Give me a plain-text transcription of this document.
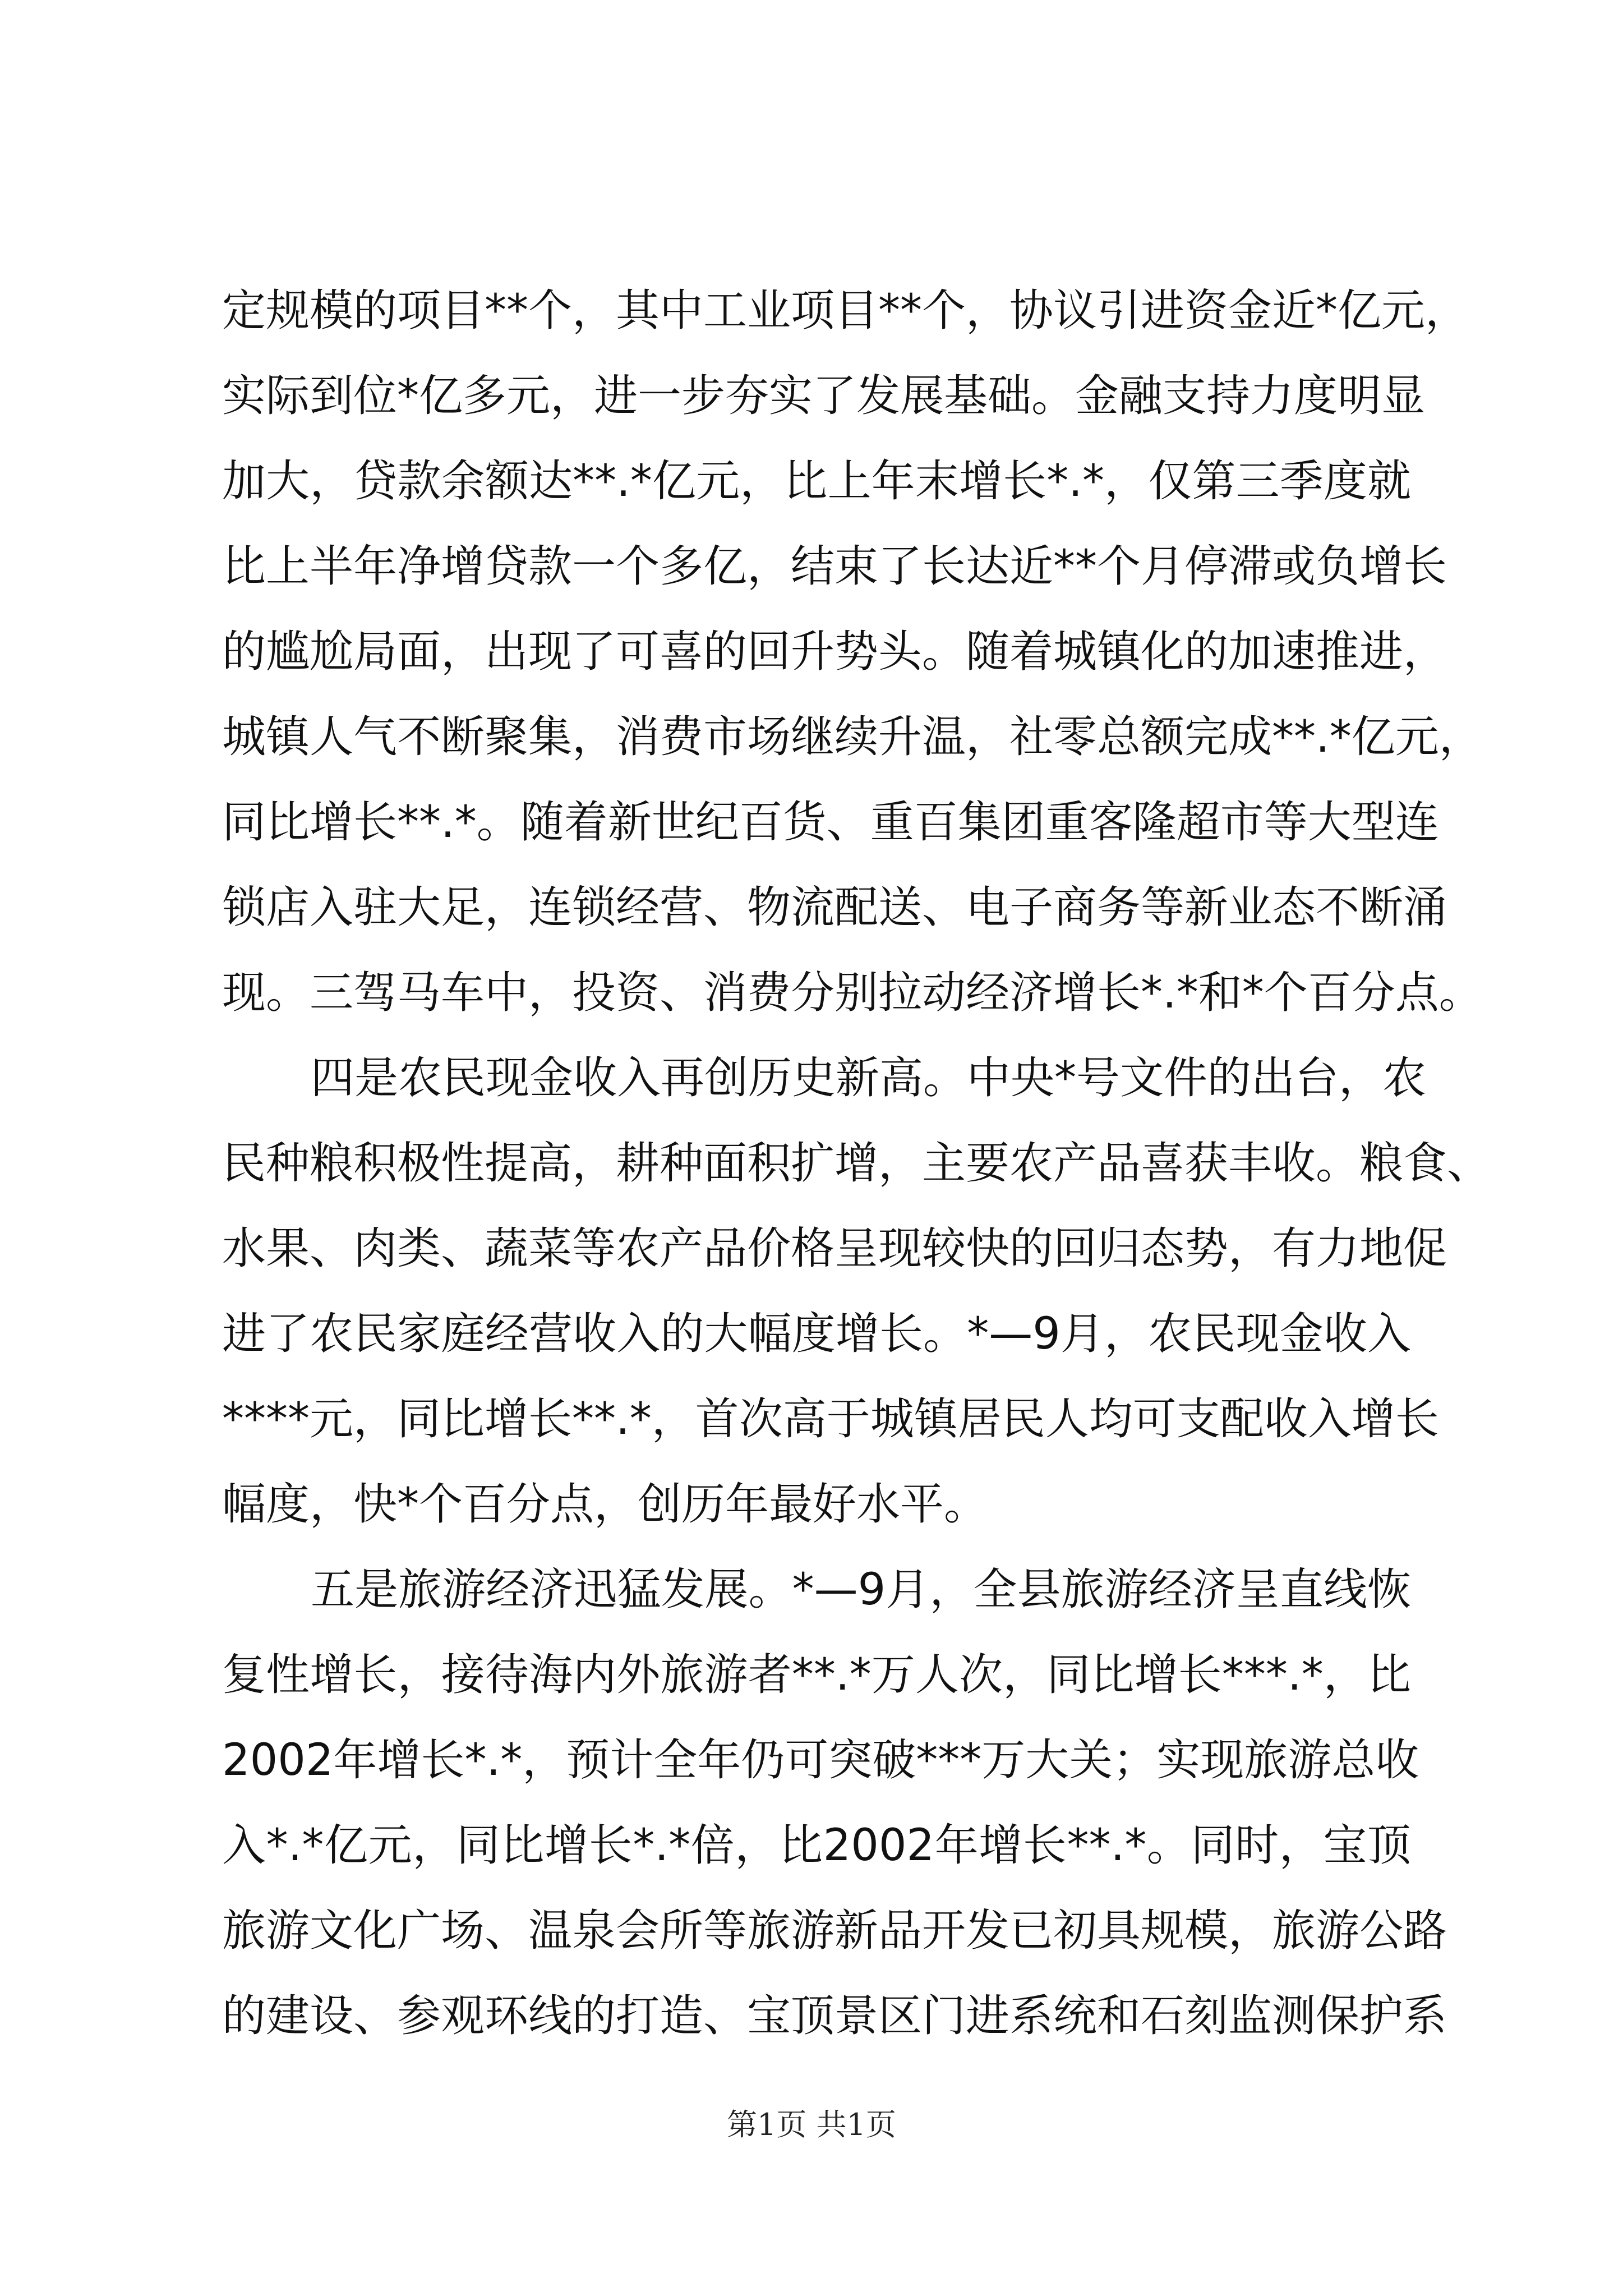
定规模的项目**个，其中工业项目**个，协议引进资金近*亿元，
实际到位*亿多元，进一步夯实了发展基础。金融支持力度明显
加大，贷款余额达**.*亿元，比上年末增长*.*，仅第三季度就
比上半年净增贷款一个多亿，结束了长达近**个月停滞或负增长
的尴尬局面，出现了可喜的回升势头。随着城镇化的加速推进，
城镇人气不断聚集，消费市场继续升温，社零总额完成**.*亿元，
同比增长**.*。随着新世纪百货、重百集团重客隆超市等大型连
锁店入驻大足，连锁经营、物流配送、电子商务等新业态不断涌
现。三驾马车中，投资、消费分别拉动经济增长*.*和*个百分点。
四是农民现金收入再创历史新高。中央*号文件的出台，农
民种粮积极性提高，耕种面积扩增，主要农产品喜获丰收。粮食、
水果、肉类、蔬菜等农产品价格呈现较快的回归态势，有力地促
进了农民家庭经营收入的大幅度增长。*—9月，农民现金收入
****元，同比增长**.*，首次高于城镇居民人均可支配收入增长
幅度，快*个百分点，创历年最好水平。
五是旅游经济迅猛发展。*—9月，全县旅游经济呈直线恢
复性增长，接待海内外旅游者**.*万人次，同比增长***.*，比
2002年增长*.*，预计全年仍可突破***万大关；实现旅游总收
入*.*亿元，同比增长*.*倍，比2002年增长**.*。同时，宝顶
旅游文化广场、温泉会所等旅游新品开发已初具规模，旅游公路
的建设、参观环线的打造、宝顶景区门进系统和石刻监测保护系
第1页 共1页
